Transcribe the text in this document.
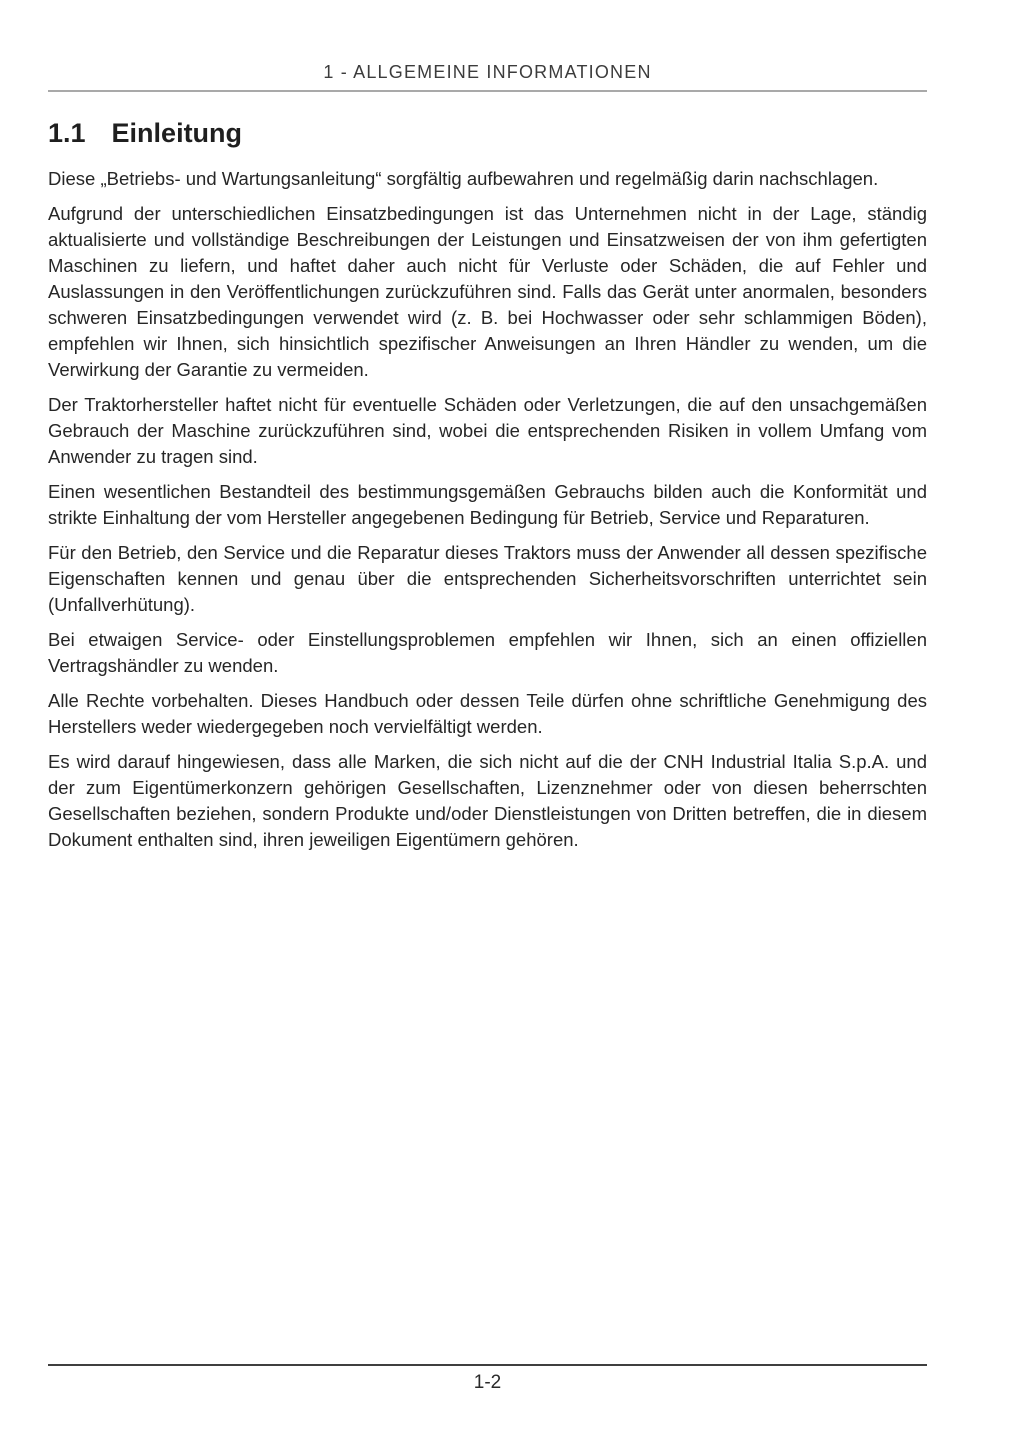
1 - ALLGEMEINE INFORMATIONEN
1.1 Einleitung

Diese „Betriebs- und Wartungsanleitung“ sorgfältig aufbewahren und regelmäßig darin nachschlagen.

Aufgrund der unterschiedlichen Einsatzbedingungen ist das Unternehmen nicht in der Lage, ständig aktualisierte und vollständige Beschreibungen der Leistungen und Einsatzweisen der von ihm gefertigten Maschinen zu liefern, und haftet daher auch nicht für Verluste oder Schäden, die auf Fehler und Auslassungen in den Veröffentlichungen zurückzuführen sind. Falls das Gerät unter anormalen, besonders schweren Einsatzbedingungen verwendet wird (z. B. bei Hochwasser oder sehr schlammigen Böden), empfehlen wir Ihnen, sich hinsichtlich spezifischer Anweisungen an Ihren Händler zu wenden, um die Verwirkung der Garantie zu vermeiden.

Der Traktorhersteller haftet nicht für eventuelle Schäden oder Verletzungen, die auf den unsachgemäßen Gebrauch der Maschine zurückzuführen sind, wobei die entsprechenden Risiken in vollem Umfang vom Anwender zu tragen sind.

Einen wesentlichen Bestandteil des bestimmungsgemäßen Gebrauchs bilden auch die Konformität und strikte Einhaltung der vom Hersteller angegebenen Bedingung für Betrieb, Service und Reparaturen.

Für den Betrieb, den Service und die Reparatur dieses Traktors muss der Anwender all dessen spezifische Eigenschaften kennen und genau über die entsprechenden Sicherheitsvorschriften unterrichtet sein (Unfallverhütung).

Bei etwaigen Service- oder Einstellungsproblemen empfehlen wir Ihnen, sich an einen offiziellen Vertragshändler zu wenden.

Alle Rechte vorbehalten. Dieses Handbuch oder dessen Teile dürfen ohne schriftliche Genehmigung des Herstellers weder wiedergegeben noch vervielfältigt werden.

Es wird darauf hingewiesen, dass alle Marken, die sich nicht auf die der CNH Industrial Italia S.p.A. und der zum Eigentümerkonzern gehörigen Gesellschaften, Lizenznehmer oder von diesen beherrschten Gesellschaften beziehen, sondern Produkte und/oder Dienstleistungen von Dritten betreffen, die in diesem Dokument enthalten sind, ihren jeweiligen Eigentümern gehören.

1-2
